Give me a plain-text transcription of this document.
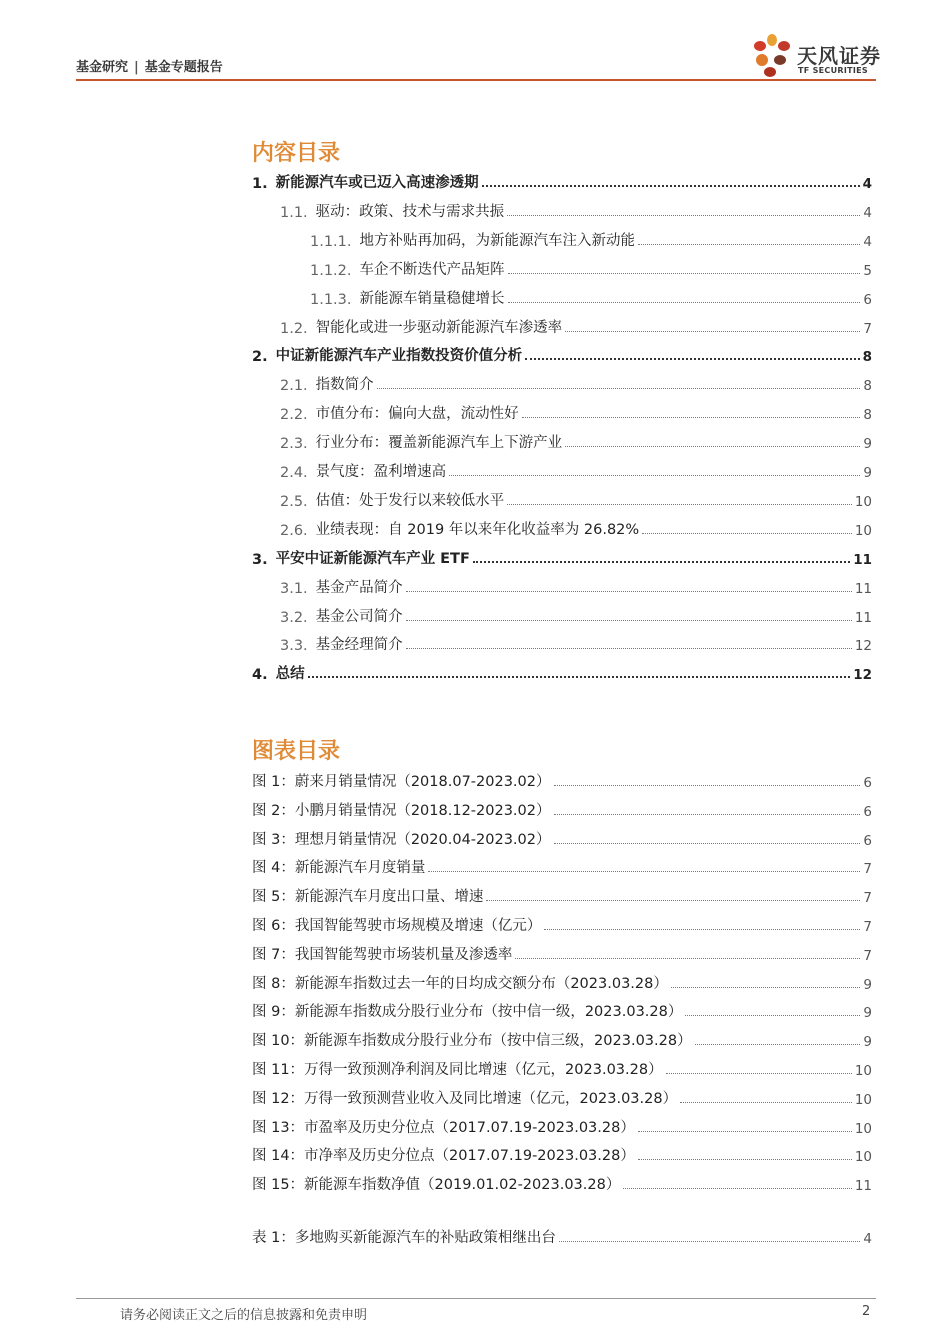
基金研究 | 基金专题报告	天风证券
TF SECURITIES
内容目录
1. 新能源汽车或已迈入高速渗透期	4
1.1. 驱动：政策、技术与需求共振	4
1.1.1. 地方补贴再加码，为新能源汽车注入新动能	4
1.1.2. 车企不断迭代产品矩阵	5
1.1.3. 新能源车销量稳健增长	6
1.2. 智能化或进一步驱动新能源汽车渗透率	7
2. 中证新能源汽车产业指数投资价值分析	8
2.1. 指数简介	8
2.2. 市值分布：偏向大盘，流动性好	8
2.3. 行业分布：覆盖新能源汽车上下游产业	9
2.4. 景气度：盈利增速高	9
2.5. 估值：处于发行以来较低水平	10
2.6. 业绩表现：自 2019 年以来年化收益率为 26.82%	10
3. 平安中证新能源汽车产业 ETF	11
3.1. 基金产品简介	11
3.2. 基金公司简介	11
3.3. 基金经理简介	12
4. 总结	12
图表目录
图 1：蔚来月销量情况（2018.07-2023.02）	6
图 2：小鹏月销量情况（2018.12-2023.02）	6
图 3：理想月销量情况（2020.04-2023.02）	6
图 4：新能源汽车月度销量	7
图 5：新能源汽车月度出口量、增速	7
图 6：我国智能驾驶市场规模及增速（亿元）	7
图 7：我国智能驾驶市场装机量及渗透率	7
图 8：新能源车指数过去一年的日均成交额分布（2023.03.28）	9
图 9：新能源车指数成分股行业分布（按中信一级，2023.03.28）	9
图 10：新能源车指数成分股行业分布（按中信三级，2023.03.28）	9
图 11：万得一致预测净利润及同比增速（亿元，2023.03.28）	10
图 12：万得一致预测营业收入及同比增速（亿元，2023.03.28）	10
图 13：市盈率及历史分位点（2017.07.19-2023.03.28）	10
图 14：市净率及历史分位点（2017.07.19-2023.03.28）	10
图 15：新能源车指数净值（2019.01.02-2023.03.28）	11
表 1：多地购买新能源汽车的补贴政策相继出台	4
请务必阅读正文之后的信息披露和免责申明	2
